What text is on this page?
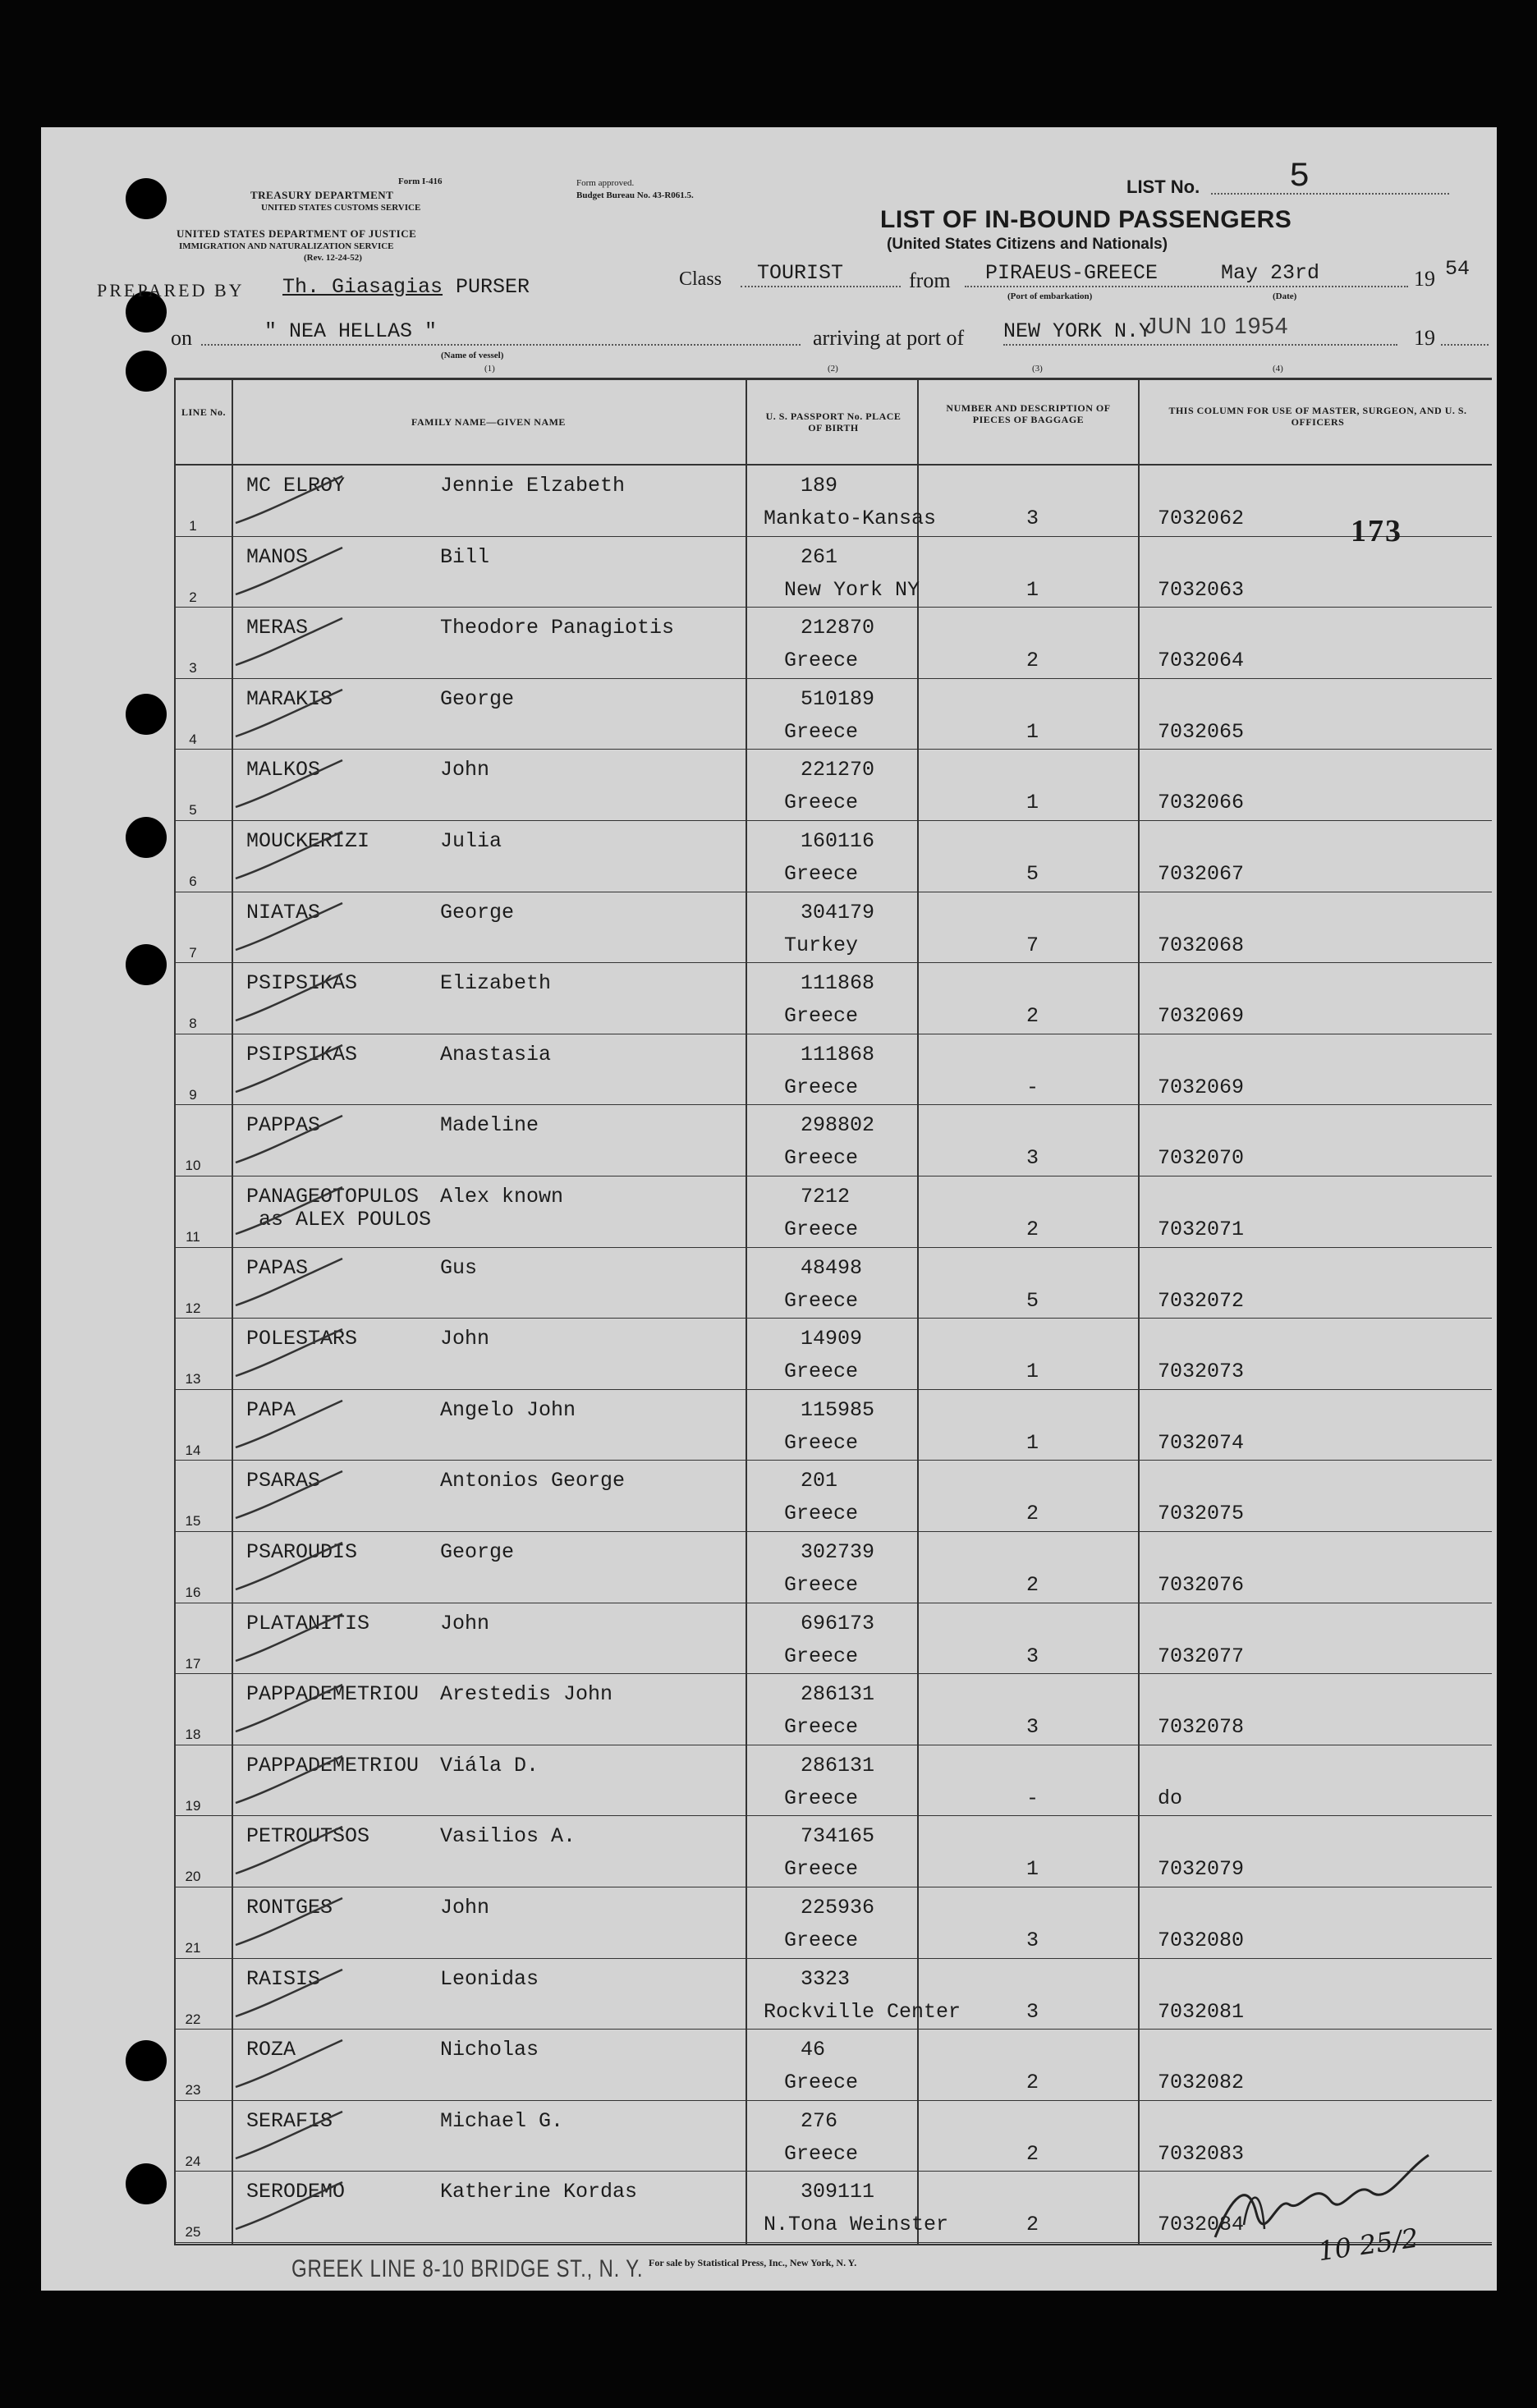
Form I-416
TREASURY DEPARTMENT
UNITED STATES CUSTOMS SERVICE
UNITED STATES DEPARTMENT OF JUSTICE
IMMIGRATION AND NATURALIZATION SERVICE
(Rev. 12-24-52)
Form approved.
Budget Bureau No. 43-R061.5.	LIST No.	5
LIST OF IN-BOUND PASSENGERS
(United States Citizens and Nationals)
PREPARED BY Th. Giasagias PURSER	Class TOURIST	from PIRAEUS-GREECE	May 23rd
(Port of embarkation)	(Date)
19 54
on	" NEA HELLAS "
(Name of vessel)
arriving at port of NEW YORK N.Y
JUN 10 1954	19
(1)	(2)	(3)	(4)
LINE No.
FAMILY NAME—GIVEN NAME	U. S. PASSPORT No. PLACE OF BIRTH
NUMBER AND DESCRIPTION OF PIECES OF BAGGAGE
THIS COLUMN FOR USE OF MASTER, SURGEON, AND U. S. OFFICERS
1
MC ELROY	Jennie Elzabeth	189
Mankato-Kansas	3	7032062
2
MANOS	Bill	261
New York NY	1	7032063
3
MERAS	Theodore Panagiotis	212870
Greece	2	7032064
4
MARAKIS	George	510189
Greece	1	7032065
5
MALKOS	John	221270
Greece	1	7032066
6
MOUCKERIZI	Julia	160116
Greece	5	7032067
7
NIATAS	George	304179
Turkey	7	7032068
8
PSIPSIKAS	Elizabeth	111868
Greece	2	7032069
9
PSIPSIKAS	Anastasia	111868
Greece	-	7032069
10
PAPPAS	Madeline	298802
Greece	3	7032070
11
PANAGEOTOPULOS Alex known
as ALEX POULOS
7212
Greece	2	7032071
12
PAPAS	Gus	48498
Greece	5	7032072
13
POLESTARS	John	14909
Greece	1	7032073
14
PAPA	Angelo John	115985
Greece	1	7032074
15
PSARAS	Antonios George	201
Greece	2	7032075
16
PSAROUDIS	George	302739
Greece	2	7032076
17
PLATANITIS	John	696173
Greece	3	7032077
18
PAPPADEMETRIOU Arestedis John	286131
Greece	3	7032078
19
PAPPADEMETRIOU Viála D.	286131
Greece	-	do
20
PETROUTSOS	Vasilios A.	734165
Greece	1	7032079
21
RONTGES	John	225936
Greece	3	7032080
22
RAISIS	Leonidas	3323
Rockville Center	3	7032081
23
ROZA	Nicholas	46
Greece	2	7032082
24
SERAFIS	Michael G.	276
Greece	2	7032083
25
SERODEMO	Katherine Kordas	309111
N.Tona Weinster	2	7032084
173
GREEK LINE 8-10 BRIDGE ST., N. Y. For sale by Statistical Press, Inc., New York, N. Y.	10 25/2
